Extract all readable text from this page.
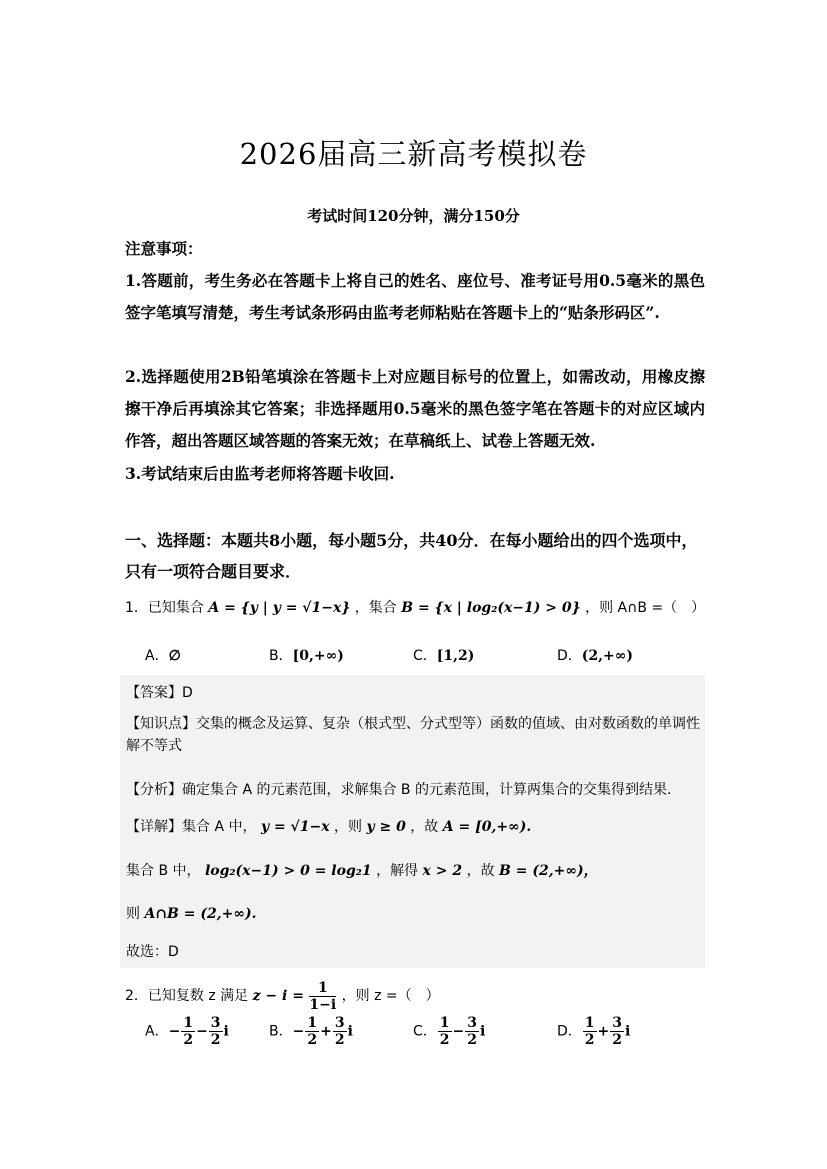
2026届高三新高考模拟卷
考试时间120分钟，满分150分
注意事项：
1.答题前，考生务必在答题卡上将自己的姓名、座位号、准考证号用0.5毫米的黑色签字笔填写清楚，考生考试条形码由监考老师粘贴在答题卡上的“贴条形码区”.
2.选择题使用2B铅笔填涂在答题卡上对应题目标号的位置上，如需改动，用橡皮擦擦干净后再填涂其它答案；非选择题用0.5毫米的黑色签字笔在答题卡的对应区域内作答，超出答题区域答题的答案无效；在草稿纸上、试卷上答题无效.
3.考试结束后由监考老师将答题卡收回.
一、选择题：本题共8小题，每小题5分，共40分．在每小题给出的四个选项中，只有一项符合题目要求．
1．已知集合 A = {y | y = √1−x} ，集合 B = {x | log₂(x−1) > 0} ，则 A∩B =（　）
A．∅	B．[0,+∞)	C．[1,2)	D．(2,+∞)
【答案】D
【知识点】交集的概念及运算、复杂（根式型、分式型等）函数的值域、由对数函数的单调性解不等式
【分析】确定集合 A 的元素范围，求解集合 B 的元素范围，计算两集合的交集得到结果.
【详解】集合 A 中， y = √1−x ，则 y ≥ 0 ，故 A = [0,+∞).
集合 B 中， log₂(x−1) > 0 = log₂1 ，解得 x > 2 ，故 B = (2,+∞)，
则 A∩B = (2,+∞).
故选：D
2．已知复数 z 满足 $z - i = \frac{1}{1-i}$ ，则 z =（　）
A．− $\frac{1}{2} - \frac{3}{2}$ i	B．− $\frac{1}{2} + \frac{3}{2}$ i	C． $\frac{1}{2} - \frac{3}{2}$ i	D． $\frac{1}{2} + \frac{3}{2}$ i
